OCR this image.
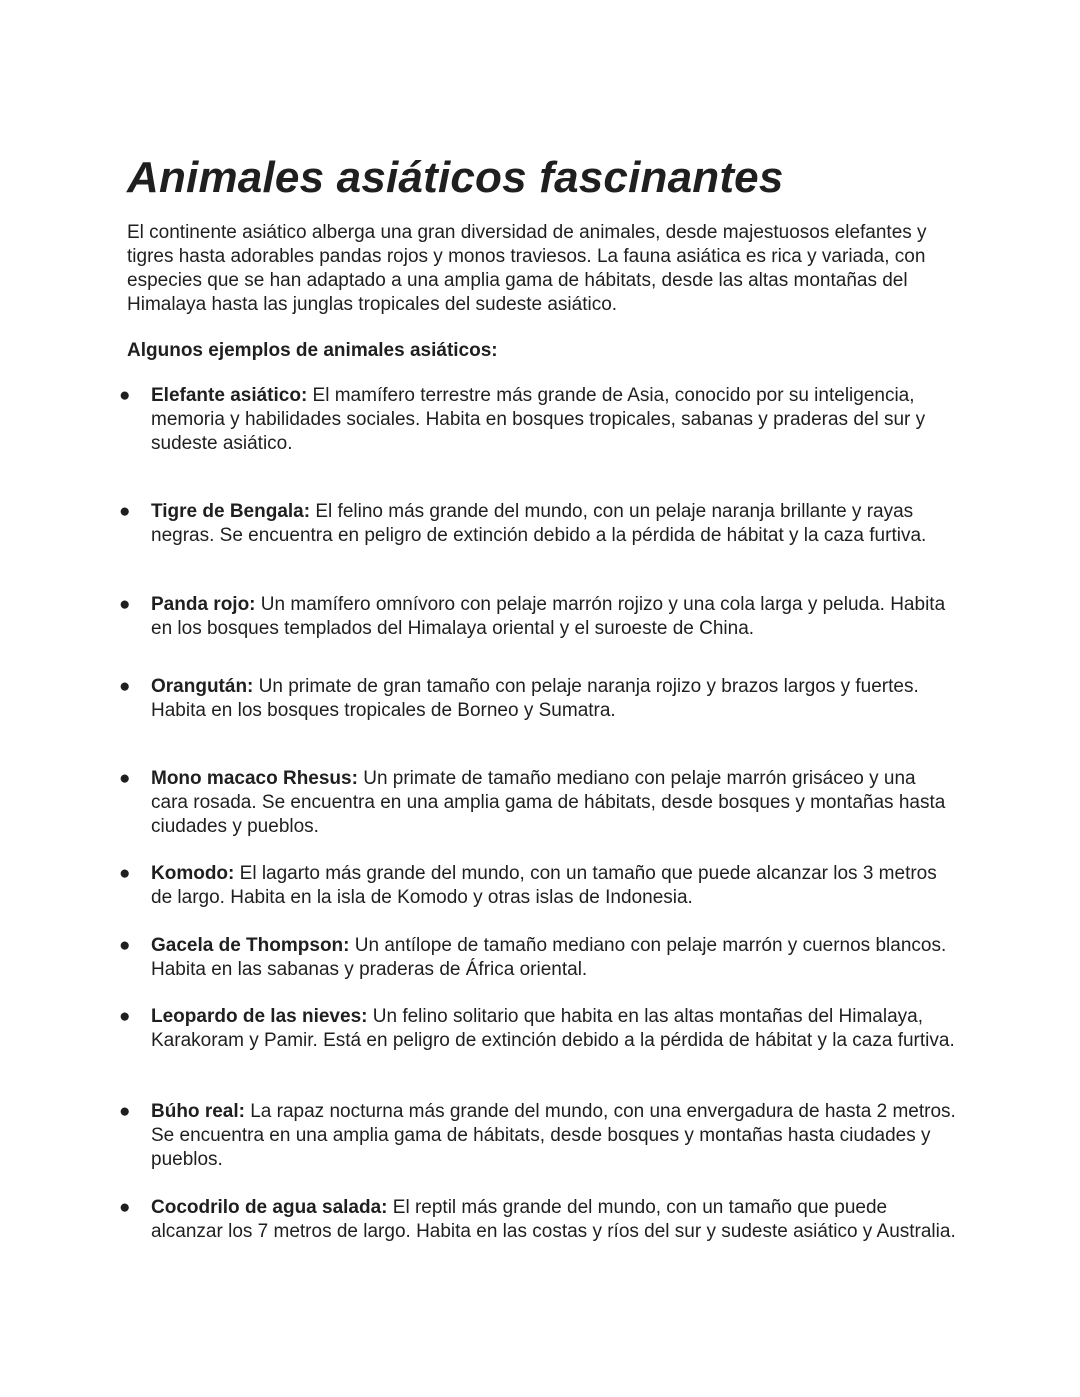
Animales asiáticos fascinantes

El continente asiático alberga una gran diversidad de animales, desde majestuosos elefantes y tigres hasta adorables pandas rojos y monos traviesos. La fauna asiática es rica y variada, con especies que se han adaptado a una amplia gama de hábitats, desde las altas montañas del Himalaya hasta las junglas tropicales del sudeste asiático.

Algunos ejemplos de animales asiáticos:

● Elefante asiático: El mamífero terrestre más grande de Asia, conocido por su inteligencia, memoria y habilidades sociales. Habita en bosques tropicales, sabanas y praderas del sur y sudeste asiático.
● Tigre de Bengala: El felino más grande del mundo, con un pelaje naranja brillante y rayas negras. Se encuentra en peligro de extinción debido a la pérdida de hábitat y la caza furtiva.
● Panda rojo: Un mamífero omnívoro con pelaje marrón rojizo y una cola larga y peluda. Habita en los bosques templados del Himalaya oriental y el suroeste de China.
● Orangután: Un primate de gran tamaño con pelaje naranja rojizo y brazos largos y fuertes. Habita en los bosques tropicales de Borneo y Sumatra.
● Mono macaco Rhesus: Un primate de tamaño mediano con pelaje marrón grisáceo y una cara rosada. Se encuentra en una amplia gama de hábitats, desde bosques y montañas hasta ciudades y pueblos.
● Komodo: El lagarto más grande del mundo, con un tamaño que puede alcanzar los 3 metros de largo. Habita en la isla de Komodo y otras islas de Indonesia.
● Gacela de Thompson: Un antílope de tamaño mediano con pelaje marrón y cuernos blancos. Habita en las sabanas y praderas de África oriental.
● Leopardo de las nieves: Un felino solitario que habita en las altas montañas del Himalaya, Karakoram y Pamir. Está en peligro de extinción debido a la pérdida de hábitat y la caza furtiva.
● Búho real: La rapaz nocturna más grande del mundo, con una envergadura de hasta 2 metros. Se encuentra en una amplia gama de hábitats, desde bosques y montañas hasta ciudades y pueblos.
● Cocodrilo de agua salada: El reptil más grande del mundo, con un tamaño que puede alcanzar los 7 metros de largo. Habita en las costas y ríos del sur y sudeste asiático y Australia.
